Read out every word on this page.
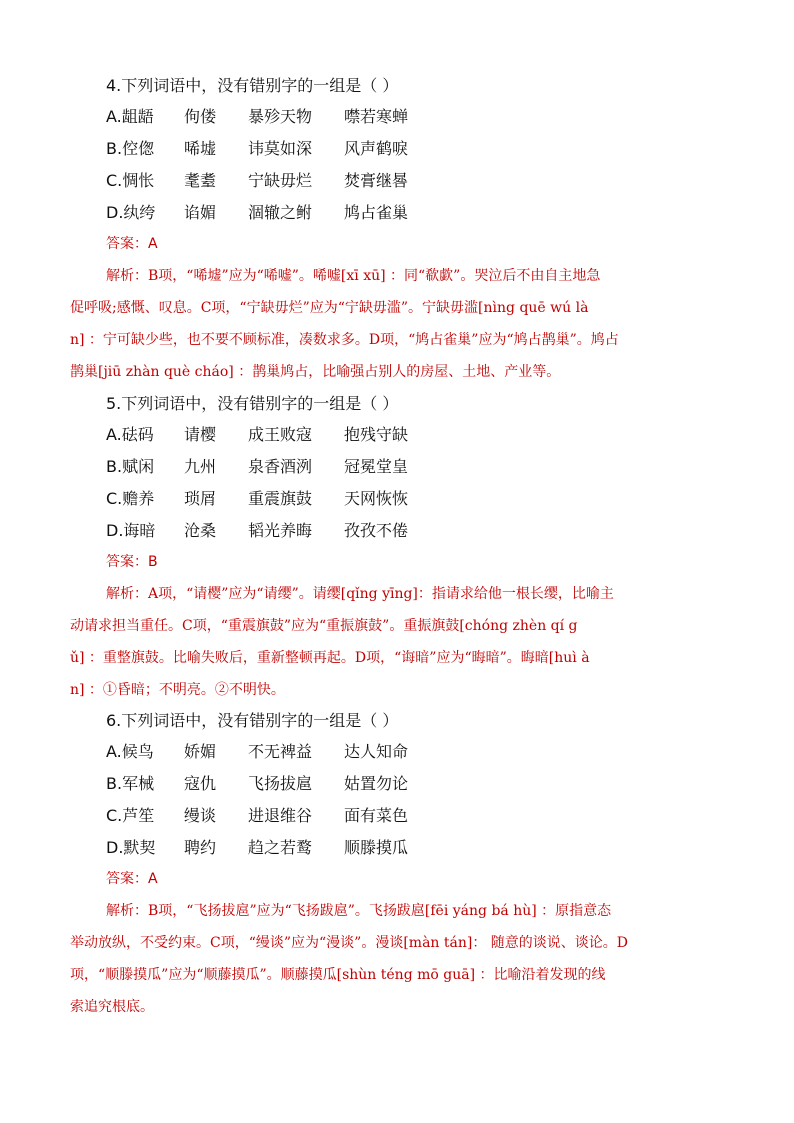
4.下列词语中，没有错别字的一组是（ ）
A.龃龉 佝偻 暴殄天物 噤若寒蝉
B.倥偬 唏墟 讳莫如深 风声鹤唳
C.惆怅 耄耋 宁缺毋烂 焚膏继晷
D.纨绔 谄媚 涸辙之鲋 鸠占雀巢
答案：A
解析：B项，“唏墟”应为“唏嘘”。唏嘘[xī xū] ：同“欷歔”。哭泣后不由自主地急
促呼吸;感慨、叹息。C项，“宁缺毋烂”应为“宁缺毋滥”。宁缺毋滥[nìng quē wú là
n] ：宁可缺少些，也不要不顾标准，凑数求多。D项，“鸠占雀巢”应为“鸠占鹊巢”。鸠占
鹊巢[jiū zhàn què cháo] ：鹊巢鸠占，比喻强占别人的房屋、土地、产业等。
5.下列词语中，没有错别字的一组是（ ）
A.砝码 请樱 成王败寇 抱残守缺
B.赋闲 九州 泉香酒洌 冠冕堂皇
C.赡养 琐屑 重震旗鼓 天网恢恢
D.诲暗 沧桑 韬光养晦 孜孜不倦
答案：B
解析：A项，“请樱”应为“请缨”。请缨[qǐng yīng]：指请求给他一根长缨，比喻主
动请求担当重任。C项，“重震旗鼓”应为“重振旗鼓”。重振旗鼓[chóng zhèn qí g
ǔ] ：重整旗鼓。比喻失败后，重新整顿再起。D项，“诲暗”应为“晦暗”。晦暗[huì à
n] ：①昏暗；不明亮。②不明快。
6.下列词语中，没有错别字的一组是（ ）
A.候鸟 娇媚 不无裨益 达人知命
B.军械 寇仇 飞扬拔扈 姑置勿论
C.芦笙 缦谈 进退维谷 面有菜色
D.默契 聘约 趋之若鹜 顺滕摸瓜
答案：A
解析：B项，“飞扬拔扈”应为“飞扬跋扈”。飞扬跋扈[fēi yáng bá hù] ：原指意态
举动放纵，不受约束。C项，“缦谈”应为“漫谈”。漫谈[màn tán]： 随意的谈说、谈论。D
项，“顺滕摸瓜”应为“顺藤摸瓜”。顺藤摸瓜[shùn téng mō guā] ：比喻沿着发现的线
索追究根底。
